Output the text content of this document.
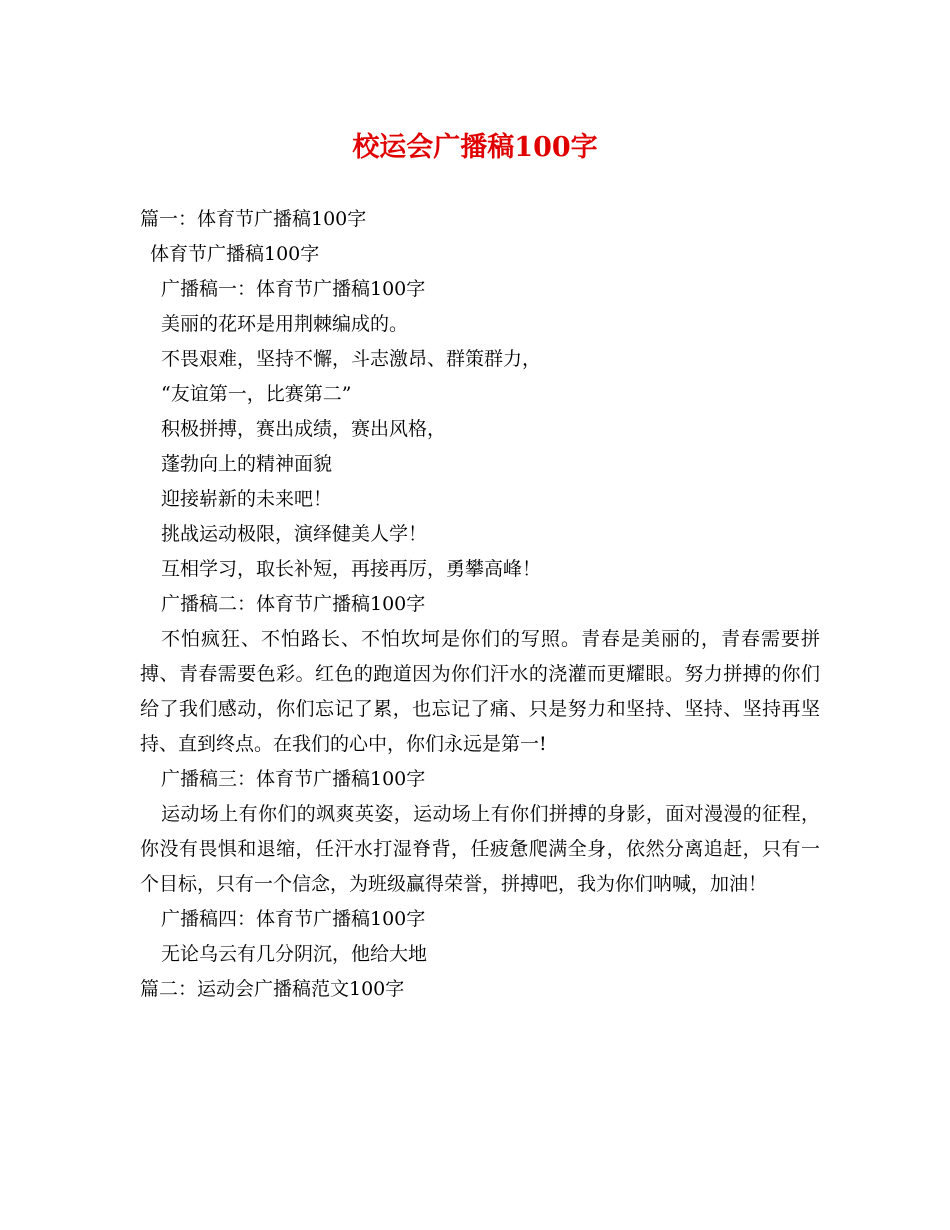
校运会广播稿100字
篇一：体育节广播稿100字
体育节广播稿100字
广播稿一：体育节广播稿100字
美丽的花环是用荆棘编成的。
不畏艰难，坚持不懈，斗志激昂、群策群力，
“友谊第一，比赛第二”
积极拼搏，赛出成绩，赛出风格，
蓬勃向上的精神面貌
迎接崭新的未来吧！
挑战运动极限，演绎健美人学！
互相学习，取长补短，再接再厉，勇攀高峰！
广播稿二：体育节广播稿100字

不怕疯狂、不怕路长、不怕坎坷是你们的写照。青春是美丽的，青春需要拼搏、青春需要色彩。红色的跑道因为你们汗水的浇灌而更耀眼。努力拼搏的你们给了我们感动，你们忘记了累，也忘记了痛、只是努力和坚持、坚持、坚持再坚持、直到终点。在我们的心中，你们永远是第一!

广播稿三：体育节广播稿100字

运动场上有你们的飒爽英姿，运动场上有你们拼搏的身影，面对漫漫的征程，你没有畏惧和退缩，任汗水打湿脊背，任疲惫爬满全身，依然分离追赶，只有一个目标，只有一个信念，为班级赢得荣誉，拼搏吧，我为你们呐喊，加油！

广播稿四：体育节广播稿100字
无论乌云有几分阴沉，他给大地
篇二：运动会广播稿范文100字
